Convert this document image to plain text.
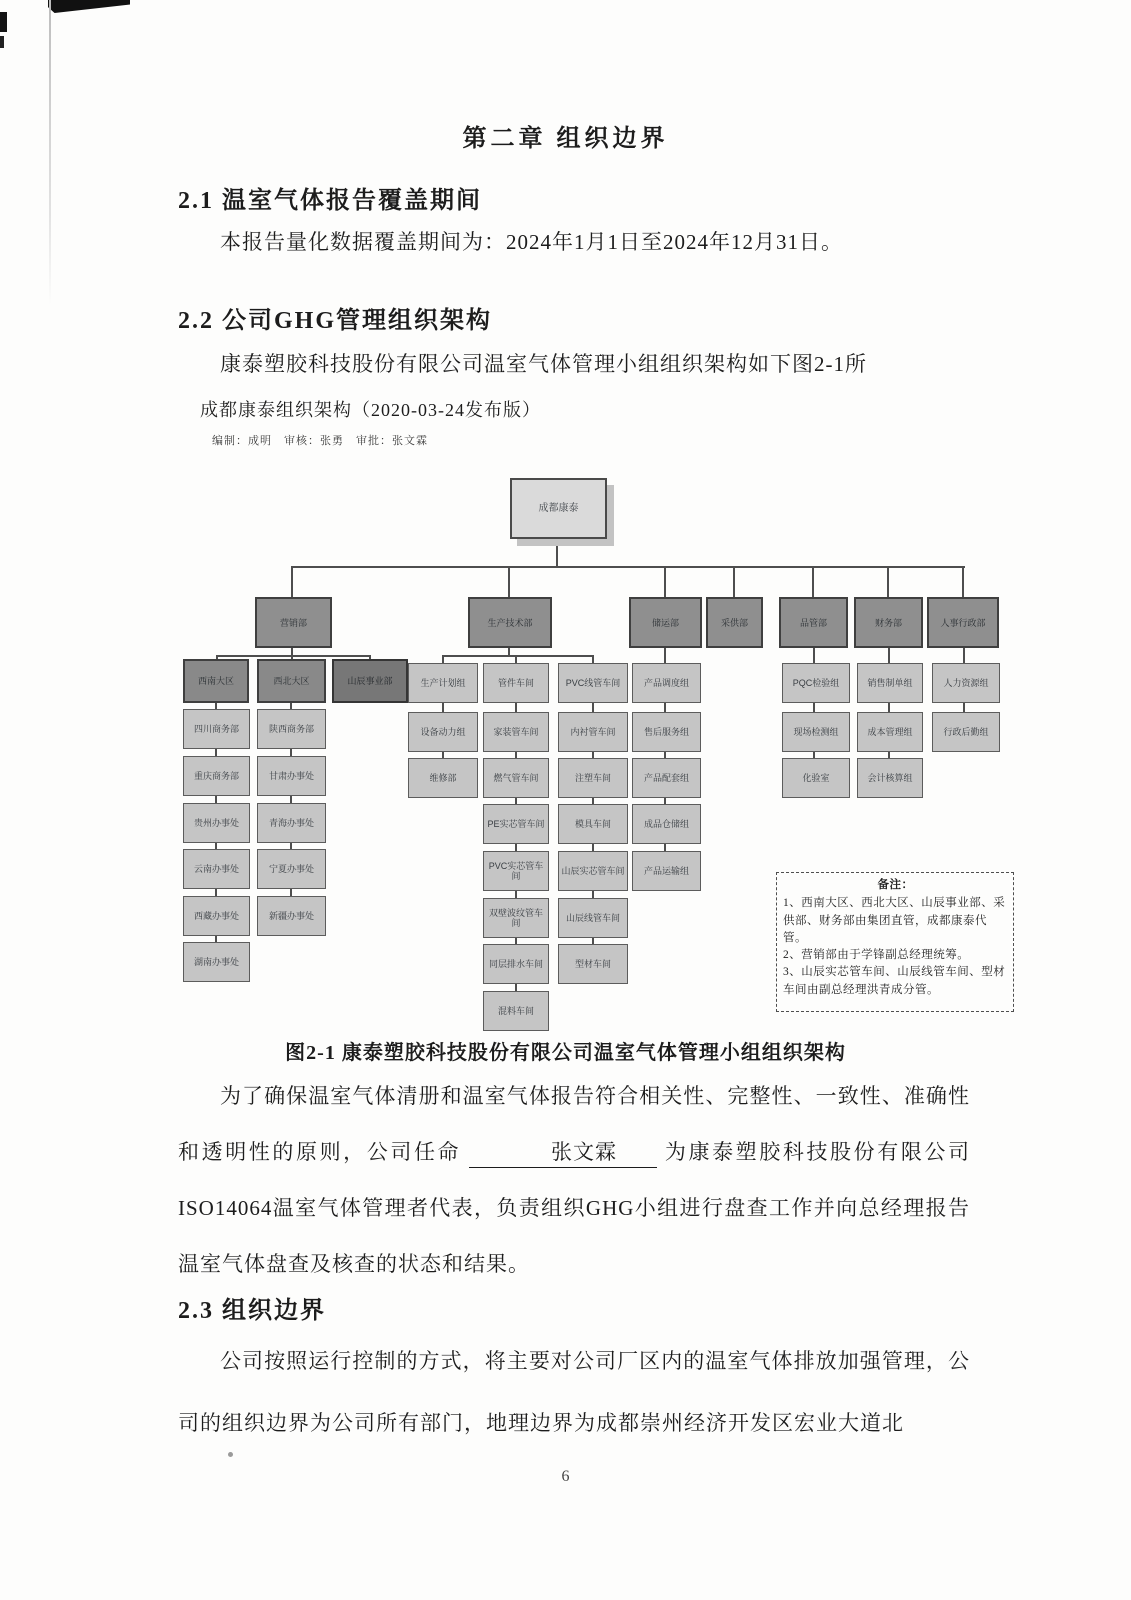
第二章 组织边界
2.1 温室气体报告覆盖期间
本报告量化数据覆盖期间为：2024年1月1日至2024年12月31日。
2.2 公司GHG管理组织架构
康泰塑胶科技股份有限公司温室气体管理小组组织架构如下图2-1所
成都康泰组织架构（2020-03-24发布版）
编制：成明　审核：张勇　审批：张文霖
备注：
1、西南大区、西北大区、山辰事业部、采供部、财务部由集团直管，成都康泰代管。
2、营销部由于学锋副总经理统筹。
3、山辰实芯管车间、山辰线管车间、型材车间由副总经理洪青成分管。
成都康泰
营销部	生产技术部	储运部	采供部	品管部	财务部	人事行政部
西南大区	西北大区	山辰事业部
四川商务部
重庆商务部
贵州办事处
云南办事处
西藏办事处
湖南办事处
陕西商务部
甘肃办事处
青海办事处
宁夏办事处
新疆办事处
生产计划组
设备动力组
维修部
管件车间
家装管车间
燃气管车间
PE实芯管车间
PVC实芯管车间
双壁波纹管车间
同层排水车间
混料车间
PVC线管车间
内衬管车间
注塑车间
模具车间
山辰实芯管车间
山辰线管车间
型材车间
产品调度组
售后服务组
产品配套组
成品仓储组
产品运输组
PQC检验组
现场检测组
化验室
销售制单组
成本管理组
会计核算组
人力资源组
行政后勤组
图2-1 康泰塑胶科技股份有限公司温室气体管理小组组织架构

为了确保温室气体清册和温室气体报告符合相关性、完整性、一致性、准确性和透明性的原则，公司任命	张文霖 为康泰塑胶科技股份有限公司ISO14064温室气体管理者代表，负责组织GHG小组进行盘查工作并向总经理报告温室气体盘查及核查的状态和结果。

2.3 组织边界
公司按照运行控制的方式，将主要对公司厂区内的温室气体排放加强管理，公司的组织边界为公司所有部门，地理边界为成都崇州经济开发区宏业大道北
6
